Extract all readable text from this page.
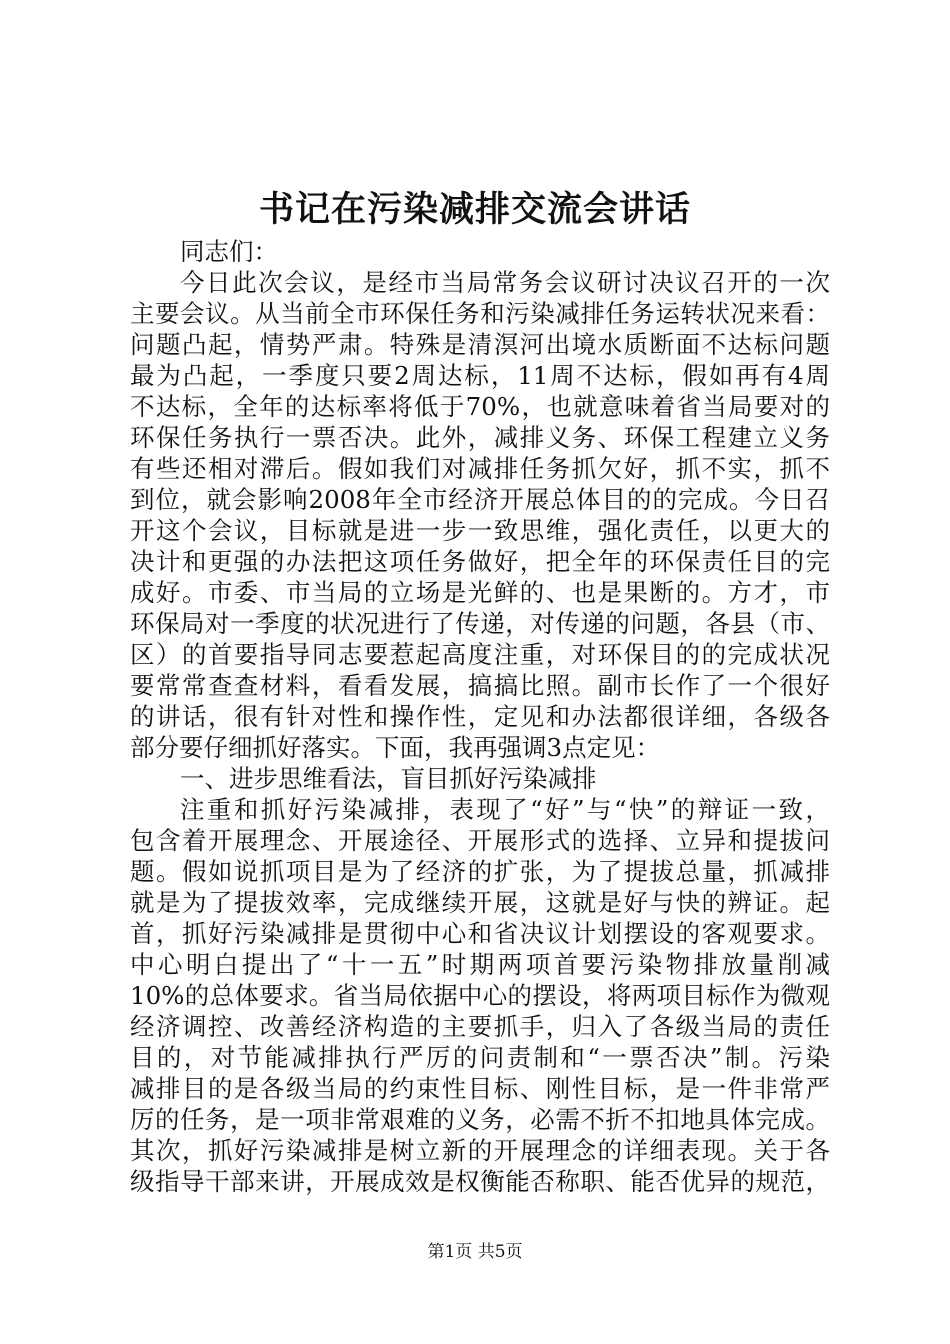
书记在污染减排交流会讲话
同志们：
今日此次会议，是经市当局常务会议研讨决议召开的一次
主要会议。从当前全市环保任务和污染减排任务运转状况来看：
问题凸起，情势严肃。特殊是清溟河出境水质断面不达标问题
最为凸起，一季度只要2周达标，11周不达标，假如再有4周
不达标，全年的达标率将低于70%，也就意味着省当局要对的
环保任务执行一票否决。此外，减排义务、环保工程建立义务
有些还相对滞后。假如我们对减排任务抓欠好，抓不实，抓不
到位，就会影响2008年全市经济开展总体目的的完成。今日召
开这个会议，目标就是进一步一致思维，强化责任，以更大的
决计和更强的办法把这项任务做好，把全年的环保责任目的完
成好。市委、市当局的立场是光鲜的、也是果断的。方才，市
环保局对一季度的状况进行了传递，对传递的问题，各县（市、
区）的首要指导同志要惹起高度注重，对环保目的的完成状况
要常常查查材料，看看发展，搞搞比照。副市长作了一个很好
的讲话，很有针对性和操作性，定见和办法都很详细，各级各
部分要仔细抓好落实。下面，我再强调3点定见：
一、进步思维看法，盲目抓好污染减排
注重和抓好污染减排，表现了“好”与“快”的辩证一致，
包含着开展理念、开展途径、开展形式的选择、立异和提拔问
题。假如说抓项目是为了经济的扩张，为了提拔总量，抓减排
就是为了提拔效率，完成继续开展，这就是好与快的辨证。起
首，抓好污染减排是贯彻中心和省决议计划摆设的客观要求。
中心明白提出了“十一五”时期两项首要污染物排放量削减
10%的总体要求。省当局依据中心的摆设，将两项目标作为微观
经济调控、改善经济构造的主要抓手，归入了各级当局的责任
目的，对节能减排执行严厉的问责制和“一票否决”制。污染
减排目的是各级当局的约束性目标、刚性目标，是一件非常严
厉的任务，是一项非常艰难的义务，必需不折不扣地具体完成。
其次，抓好污染减排是树立新的开展理念的详细表现。关于各
级指导干部来讲，开展成效是权衡能否称职、能否优异的规范，
第1页 共5页
